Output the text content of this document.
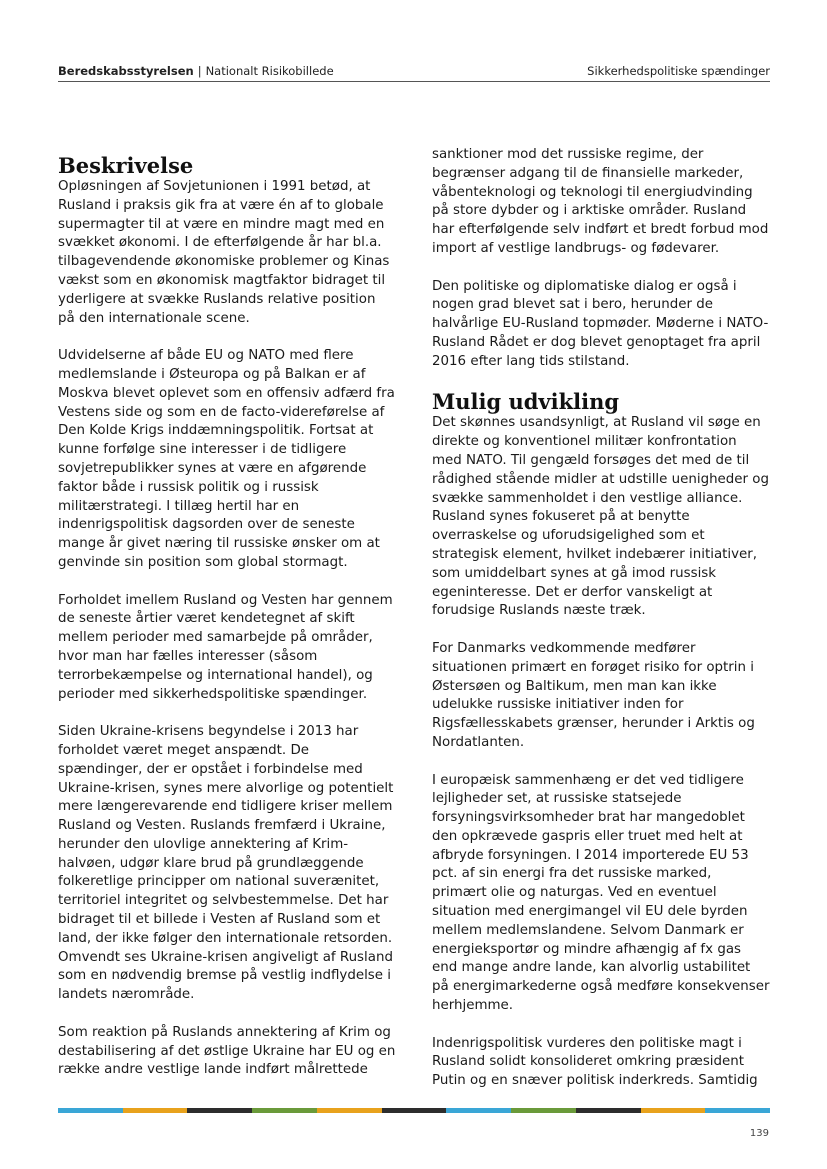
Beredskabsstyrelsen | Nationalt Risikobillede	Sikkerhedspolitiske spændinger
Beskrivelse

Opløsningen af Sovjetunionen i 1991 betød, at Rusland i praksis gik fra at være én af to globale supermagter til at være en mindre magt med en svækket økonomi. I de efterfølgende år har bl.a. tilbagevendende økonomiske problemer og Kinas vækst som en økonomisk magtfaktor bidraget til yderligere at svække Ruslands relative position på den internationale scene.

Udvidelserne af både EU og NATO med flere medlemslande i Østeuropa og på Balkan er af Moskva blevet oplevet som en offensiv adfærd fra Vestens side og som en de facto-videreførelse af Den Kolde Krigs inddæmningspolitik. Fortsat at kunne forfølge sine interesser i de tidligere sovjetrepublikker synes at være en afgørende faktor både i russisk politik og i russisk militærstrategi. I tillæg hertil har en indenrigspolitisk dagsorden over de seneste mange år givet næring til russiske ønsker om at genvinde sin position som global stormagt.

Forholdet imellem Rusland og Vesten har gennem de seneste årtier været kendetegnet af skift mellem perioder med samarbejde på områder, hvor man har fælles interesser (såsom terrorbekæmpelse og international handel), og perioder med sikkerhedspolitiske spændinger.

Siden Ukraine-krisens begyndelse i 2013 har forholdet været meget anspændt. De spændinger, der er opstået i forbindelse med Ukraine-krisen, synes mere alvorlige og potentielt mere længerevarende end tidligere kriser mellem Rusland og Vesten. Ruslands fremfærd i Ukraine, herunder den ulovlige annektering af Krim-halvøen, udgør klare brud på grundlæggende folkeretlige principper om national suverænitet, territoriel integritet og selvbestemmelse. Det har bidraget til et billede i Vesten af Rusland som et land, der ikke følger den internationale retsorden. Omvendt ses Ukraine-krisen angiveligt af Rusland som en nødvendig bremse på vestlig indflydelse i landets nærområde.

Som reaktion på Ruslands annektering af Krim og destabilisering af det østlige Ukraine har EU og en række andre vestlige lande indført målrettede

sanktioner mod det russiske regime, der begrænser adgang til de finansielle markeder, våbenteknologi og teknologi til energiudvinding på store dybder og i arktiske områder. Rusland har efterfølgende selv indført et bredt forbud mod import af vestlige landbrugs- og fødevarer.

Den politiske og diplomatiske dialog er også i nogen grad blevet sat i bero, herunder de halvårlige EU-Rusland topmøder. Møderne i NATO-Rusland Rådet er dog blevet genoptaget fra april 2016 efter lang tids stilstand.

Mulig udvikling

Det skønnes usandsynligt, at Rusland vil søge en direkte og konventionel militær konfrontation med NATO. Til gengæld forsøges det med de til rådighed stående midler at udstille uenigheder og svække sammenholdet i den vestlige alliance. Rusland synes fokuseret på at benytte overraskelse og uforudsigelighed som et strategisk element, hvilket indebærer initiativer, som umiddelbart synes at gå imod russisk egeninteresse. Det er derfor vanskeligt at forudsige Ruslands næste træk.

For Danmarks vedkommende medfører situationen primært en forøget risiko for optrin i Østersøen og Baltikum, men man kan ikke udelukke russiske initiativer inden for Rigsfællesskabets grænser, herunder i Arktis og Nordatlanten.

I europæisk sammenhæng er det ved tidligere lejligheder set, at russiske statsejede forsyningsvirksomheder brat har mangedoblet den opkrævede gaspris eller truet med helt at afbryde forsyningen. I 2014 importerede EU 53 pct. af sin energi fra det russiske marked, primært olie og naturgas. Ved en eventuel situation med energimangel vil EU dele byrden mellem medlemslandene. Selvom Danmark er energieksportør og mindre afhængig af fx gas end mange andre lande, kan alvorlig ustabilitet på energimarkederne også medføre konsekvenser herhjemme.

Indenrigspolitisk vurderes den politiske magt i Rusland solidt konsolideret omkring præsident Putin og en snæver politisk inderkreds. Samtidig

139
